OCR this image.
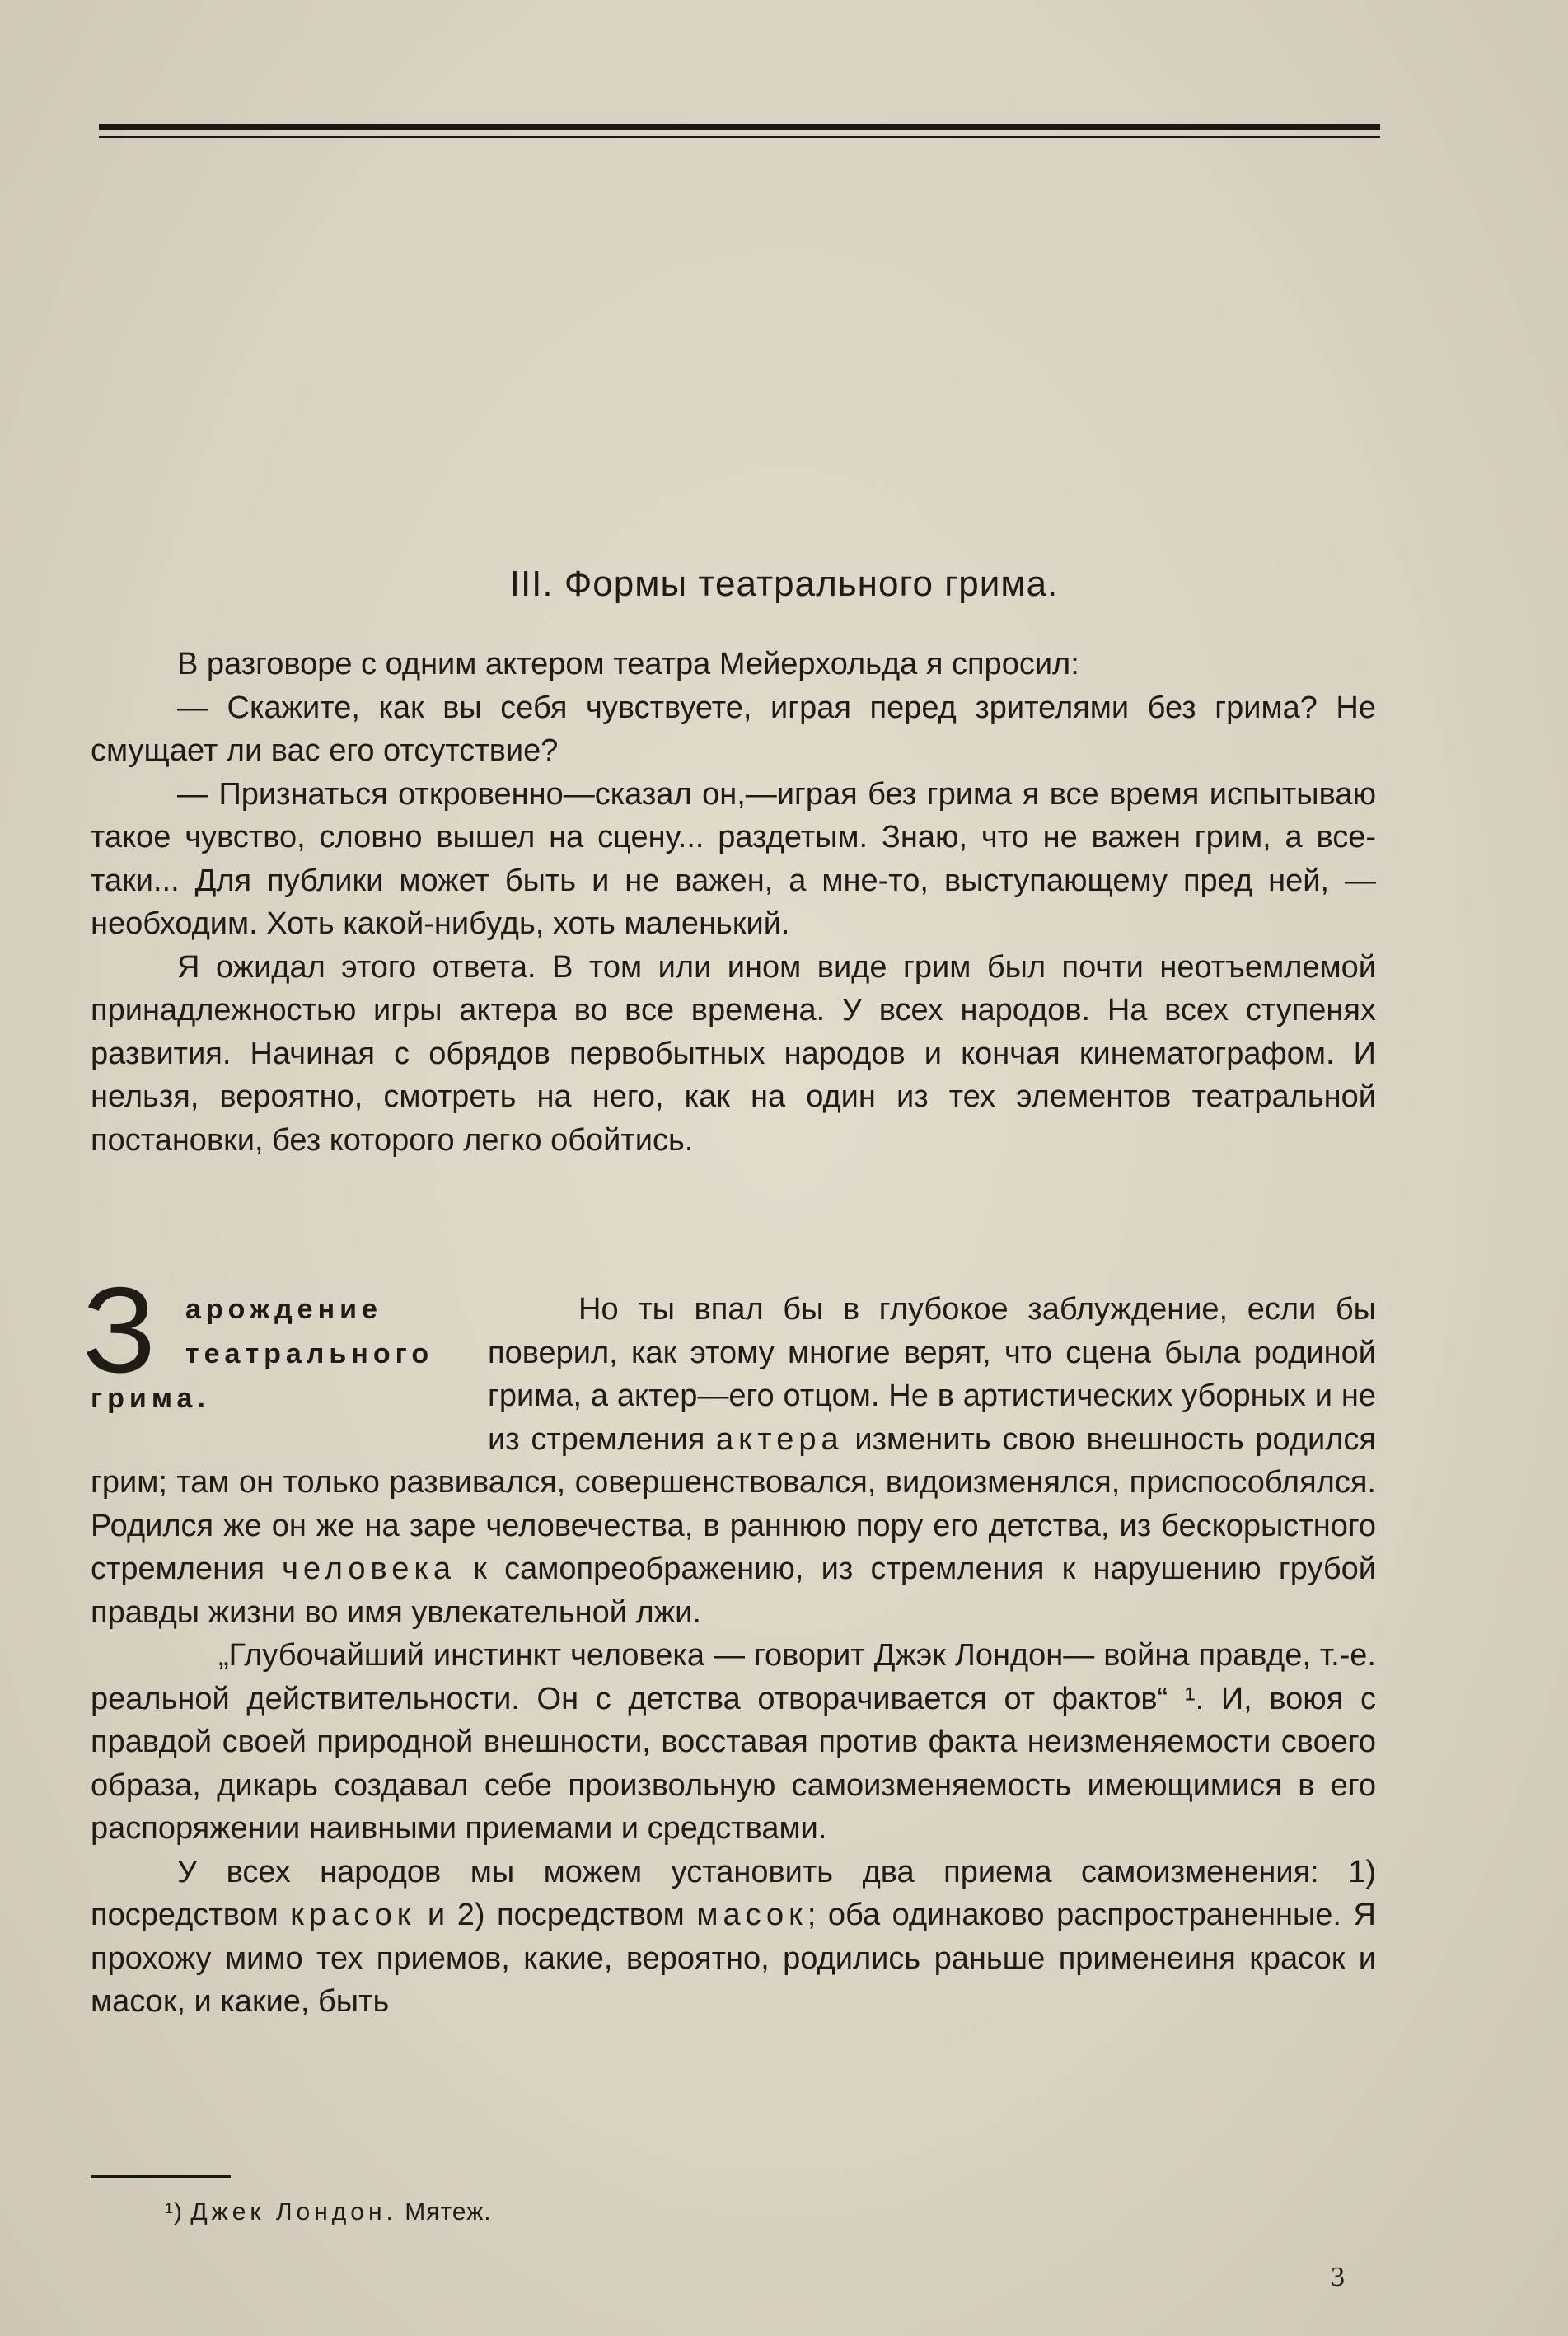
III. Формы театрального грима.

В разговоре с одним актером театра Мейерхольда я спросил:

— Скажите, как вы себя чувствуете, играя перед зрителями без грима? Не смущает ли вас его отсутствие?

— Признаться откровенно—сказал он,—играя без грима я все время испытываю такое чувство, словно вышел на сцену... раздетым. Знаю, что не важен грим, а все-таки... Для публики может быть и не важен, а мне-то, выступающему пред ней, — необходим. Хоть какой-нибудь, хоть маленький.

Я ожидал этого ответа. В том или ином виде грим был почти неотъемлемой принадлежностью игры актера во все времена. У всех народов. На всех ступенях развития. Начиная с обрядов первобытных народов и кончая кинематографом. И нельзя, вероятно, смотреть на него, как на один из тех элементов театральной постановки, без которого легко обойтись.

З арождение
театрального
грима.

Но ты впал бы в глубокое заблуждение, если бы поверил, как этому многие верят, что сцена была родиной грима, а актер—его отцом. Не в артистических уборных и не из стремления актера изменить свою внешность родился грим; там он только развивался, совершенствовался, видоизменялся, приспособлялся. Родился же он же на заре человечества, в раннюю пору его детства, из бескорыстного стремления человека к самопреображению, из стремления к нарушению грубой правды жизни во имя увлекательной лжи.

„Глубочайший инстинкт человека — говорит Джэк Лондон— война правде, т.-е. реальной действительности. Он с детства отворачивается от фактов“ ¹. И, воюя с правдой своей природной внешности, восставая против факта неизменяемости своего образа, дикарь создавал себе произвольную самоизменяемость имеющимися в его распоряжении наивными приемами и средствами.

У всех народов мы можем установить два приема самоизменения: 1) посредством красок и 2) посредством масок; оба одинаково распространенные. Я прохожу мимо тех приемов, какие, вероятно, родились раньше применеиня красок и масок, и какие, быть

¹) Джек Лондон. Мятеж.
3
